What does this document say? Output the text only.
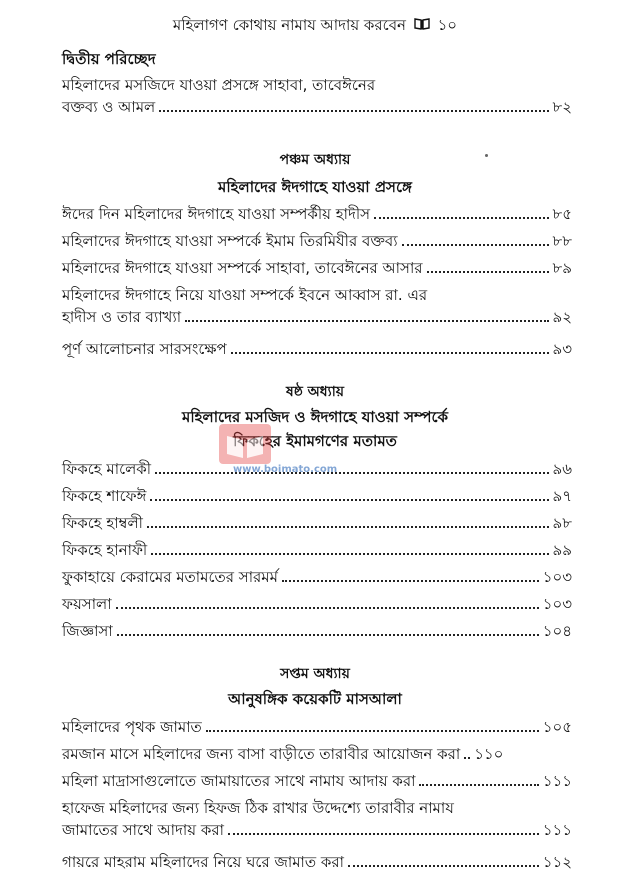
মহিলাগণ কোথায় নামায আদায় করবেন ১০
দ্বিতীয় পরিচ্ছেদ
মহিলাদের মসজিদে যাওয়া প্রসঙ্গে সাহাবা, তাবেঈনের
বক্তব্য ও আমল	৮২
পঞ্চম অধ্যায়
মহিলাদের ঈদগাহে যাওয়া প্রসঙ্গে
ঈদের দিন মহিলাদের ঈদগাহে যাওয়া সম্পর্কীয় হাদীস	৮৫
মহিলাদের ঈদগাহে যাওয়া সম্পর্কে ইমাম তিরমিযীর বক্তব্য	৮৮
মহিলাদের ঈদগাহে যাওয়া সম্পর্কে সাহাবা, তাবেঈনের আসার	৮৯
মহিলাদের ঈদগাহে নিয়ে যাওয়া সম্পর্কে ইবনে আব্বাস রা. এর
হাদীস ও তার ব্যাখ্যা	৯২
পূর্ণ আলোচনার সারসংক্ষেপ	৯৩
ষষ্ঠ অধ্যায়
মহিলাদের মসজিদ ও ঈদগাহে যাওয়া সম্পর্কে
ফিকহের ইমামগণের মতামত
www.boimato.com
ফিকহে মালেকী	৯৬
ফিকহে শাফেঈ	৯৭
ফিকহে হাম্বলী	৯৮
ফিকহে হানাফী	৯৯
ফুকাহায়ে কেরামের মতামতের সারমর্ম	১০৩
ফয়সালা	১০৩
জিজ্ঞাসা	১০৪
সপ্তম অধ্যায়
আনুষঙ্গিক কয়েকটি মাসআলা
মহিলাদের পৃথক জামাত	১০৫
রমজান মাসে মহিলাদের জন্য বাসা বাড়ীতে তারাবীর আয়োজন করা ১১০
মহিলা মাদ্রাসাগুলোতে জামায়াতের সাথে নামায আদায় করা	১১১
হাফেজ মহিলাদের জন্য হিফজ ঠিক রাখার উদ্দেশ্যে তারাবীর নামায
জামাতের সাথে আদায় করা	১১১
গায়রে মাহরাম মহিলাদের নিয়ে ঘরে জামাত করা	১১২
